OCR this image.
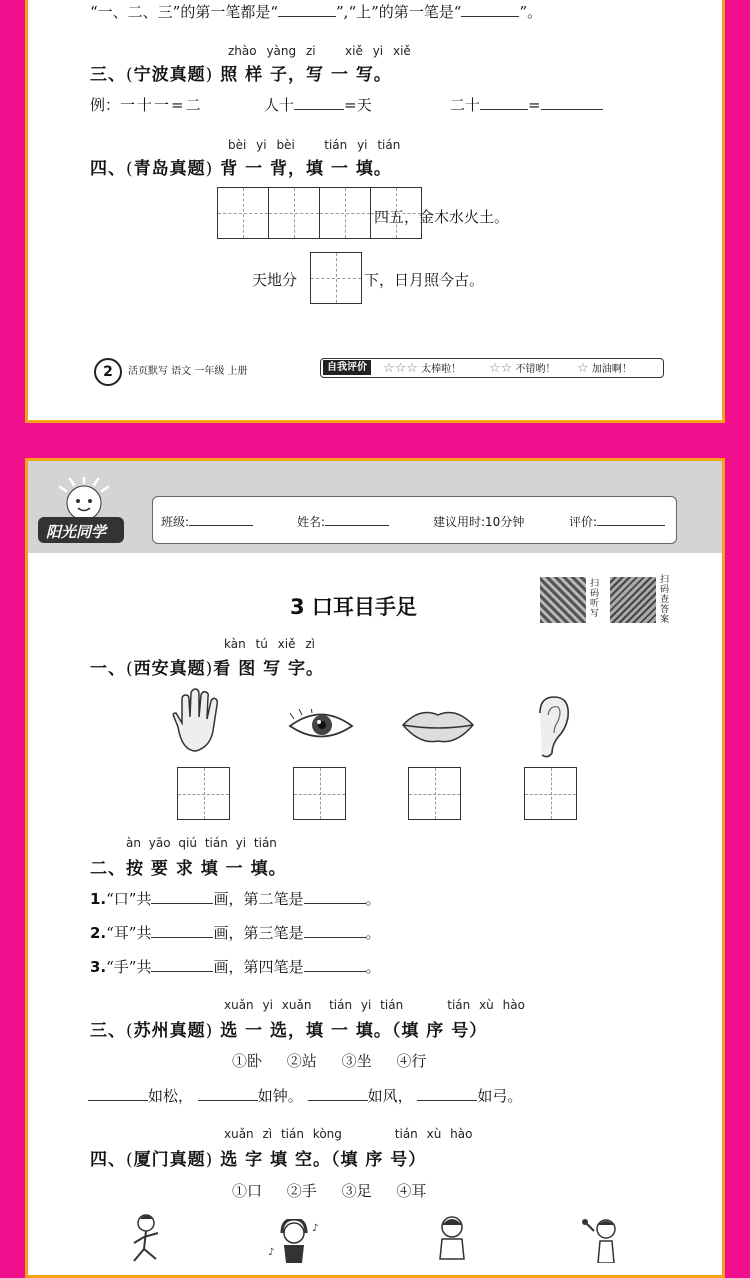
“一、二、三”的第一笔都是“	”,“上”的第一笔是“	”。
zhào yàng zi xiě yi xiě
三、(宁波真题) 照 样 子，写 一 写。
例：一十一=二	人十	=天	二十	=
bèi yi bèi tián yi tián
四、(青岛真题) 背 一 背，填 一 填。
四五，金木水火土。
天地分	下，日月照今古。
2	活页默写 语文 一年级 上册	自我评价	☆☆☆ 太棒啦！ ☆☆ 不错哟！ ☆ 加油啊！
阳光同学
班级:	姓名:	建议用时:10分钟	评价:
3 口耳目手足
扫码听写
扫码查答案
kàn tú xiě zì
一、(西安真题)看 图 写 字。
àn yāo qiú tián yi tián
二、按 要 求 填 一 填。
1.“口”共	画，第二笔是	。
2.“耳”共	画，第三笔是	。
3.“手”共	画，第四笔是	。
xuǎn yi xuǎn tián yi tián	tián xù hào
三、(苏州真题) 选 一 选，填 一 填。（填 序 号）
①卧 ②站 ③坐 ④行
如松，	如钟。	如风，	如弓。
xuǎn zì tián kòng	tián xù hào
四、(厦门真题) 选 字 填 空。（填 序 号）
①口 ②手 ③足 ④耳
♪
♪
